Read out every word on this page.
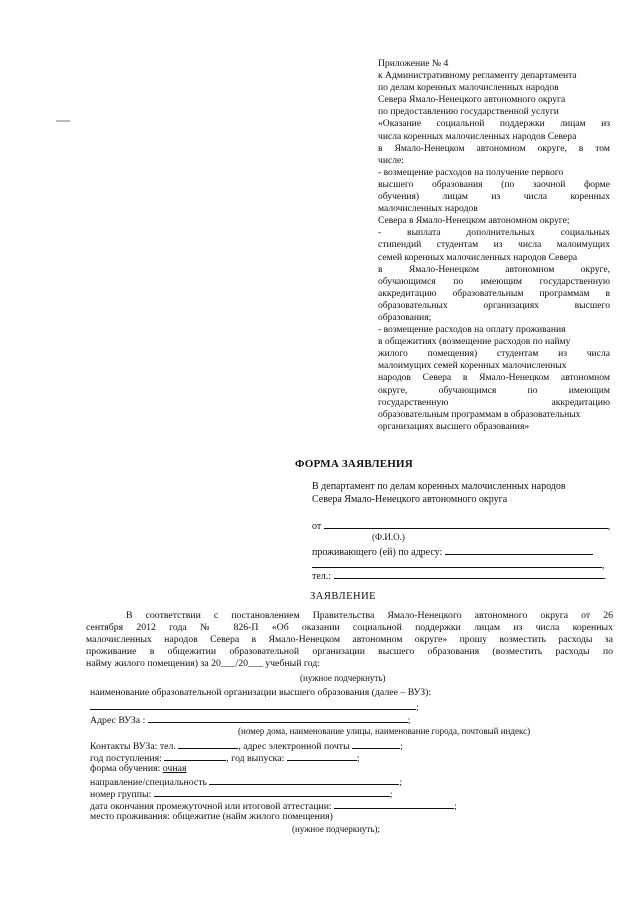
Приложение № 4
к Административному регламенту департамента
по делам коренных малочисленных народов
Севера Ямало-Ненецкого автономного округа
по предоставлению государственной услуги
«Оказание социальной поддержки лицам из
числа коренных малочисленных народов Севера
в Ямало-Ненецком автономном округе, в том
числе:
- возмещение расходов на получение первого
высшего образования (по заочной форме
обучения) лицам из числа коренных
малочисленных народов
Севера в Ямало-Ненецком автономном округе;
- выплата дополнительных социальных
стипендий студентам из числа малоимущих
семей коренных малочисленных народов Севера
в Ямало-Ненецком автономном округе,
обучающимся по имеющим государственную
аккредитацию образовательным программам в
образовательных организациях высшего
образования;
- возмещение расходов на оплату проживания
в общежитиях (возмещение расходов по найму
жилого помещения) студентам из числа
малоимущих семей коренных малочисленных
народов Севера в Ямало-Ненецком автономном
округе, обучающимся по имеющим
государственную аккредитацию
образовательным программам в образовательных
организациях высшего образования»
ФОРМА ЗАЯВЛЕНИЯ
В департамент по делам коренных малочисленных народов
Севера Ямало-Ненецкого автономного округа
от	,
(Ф.И.О.)
проживающего (ей) по адресу:
,
тел.:	.
ЗАЯВЛЕНИЕ
В соответствии с постановлением Правительства Ямало-Ненецкого автономного округа от 26
сентября 2012 года № 826-П «Об оказании социальной поддержки лицам из числа коренных
малочисленных народов Севера в Ямало-Ненецком автономном округе» прошу возместить расходы за
проживание в общежитии образовательной организации высшего образования (возместить расходы по
найму жилого помещения) за 20___/20___ учебный год:
(нужное подчеркнуть)
наименование образовательной организации высшего образования (далее – ВУЗ):
;
Адрес ВУЗа :	;
(номер дома, наименование улицы, наименование города, почтовый индекс)
Контакты ВУЗа: тел.	, адрес электронной почты	;
год поступления:	, год выпуска:	;
форма обучения: очная
направление/специальность	;
номер группы:	;
дата окончания промежуточной или итоговой аттестации:	;
место проживания: общежитие (найм жилого помещения)
(нужное подчеркнуть);
